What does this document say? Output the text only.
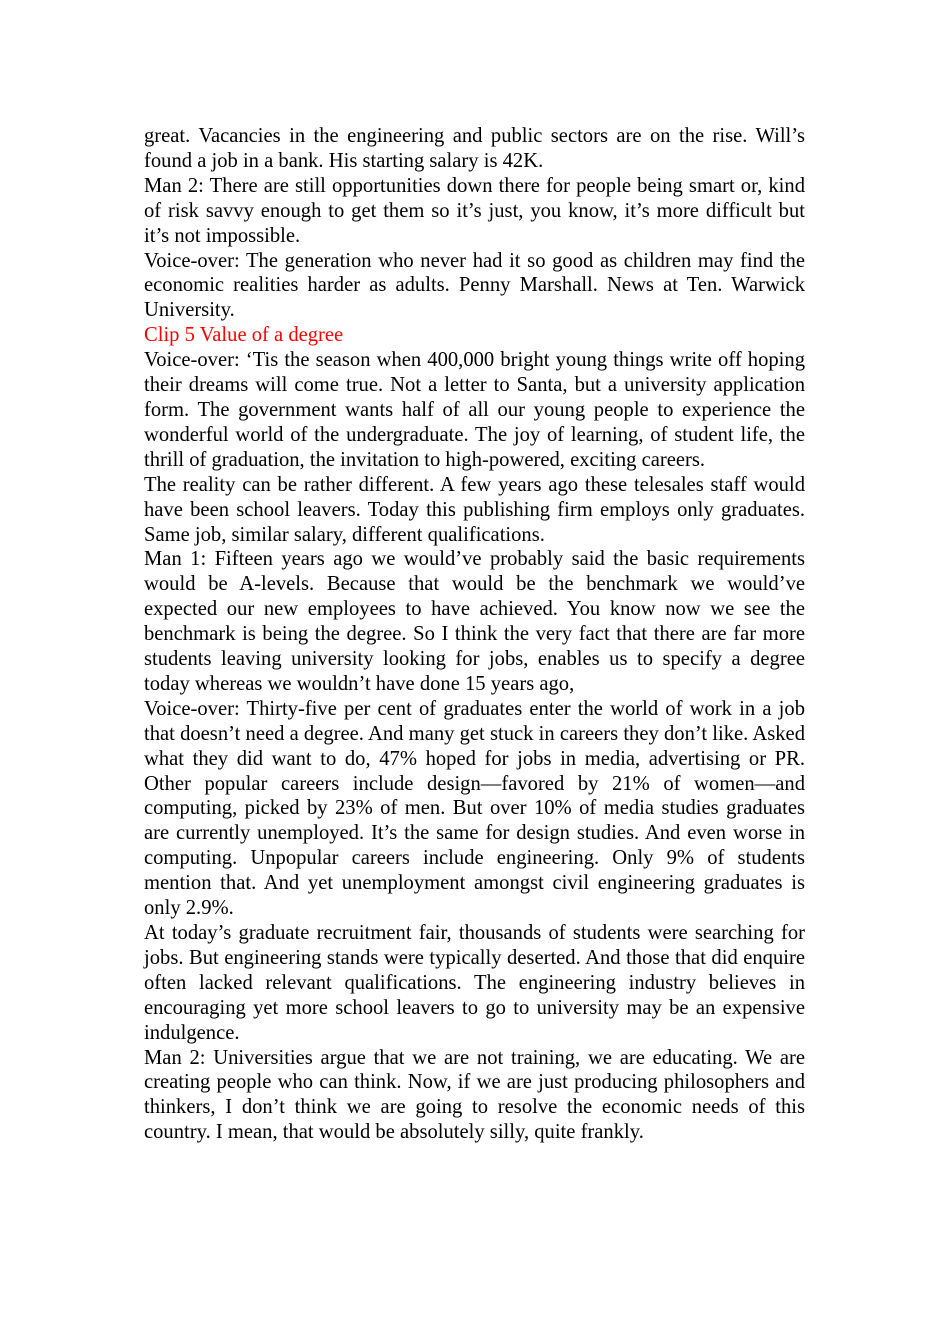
great. Vacancies in the engineering and public sectors are on the rise. Will’s found a job in a bank. His starting salary is 42K.

Man 2: There are still opportunities down there for people being smart or, kind of risk savvy enough to get them so it’s just, you know, it’s more difficult but it’s not impossible.

Voice-over: The generation who never had it so good as children may find the economic realities harder as adults. Penny Marshall. News at Ten. Warwick University.

Clip 5 Value of a degree

Voice-over: ‘Tis the season when 400,000 bright young things write off hoping their dreams will come true. Not a letter to Santa, but a university application form. The government wants half of all our young people to experience the wonderful world of the undergraduate. The joy of learning, of student life, the thrill of graduation, the invitation to high-powered, exciting careers.

The reality can be rather different. A few years ago these telesales staff would have been school leavers. Today this publishing firm employs only graduates. Same job, similar salary, different qualifications.

Man 1: Fifteen years ago we would’ve probably said the basic requirements would be A-levels. Because that would be the benchmark we would’ve expected our new employees to have achieved. You know now we see the benchmark is being the degree. So I think the very fact that there are far more students leaving university looking for jobs, enables us to specify a degree today whereas we wouldn’t have done 15 years ago,

Voice-over: Thirty-five per cent of graduates enter the world of work in a job that doesn’t need a degree. And many get stuck in careers they don’t like. Asked what they did want to do, 47% hoped for jobs in media, advertising or PR. Other popular careers include design—favored by 21% of women—and computing, picked by 23% of men. But over 10% of media studies graduates are currently unemployed. It’s the same for design studies. And even worse in computing. Unpopular careers include engineering. Only 9% of students mention that. And yet unemployment amongst civil engineering graduates is only 2.9%.

At today’s graduate recruitment fair, thousands of students were searching for jobs. But engineering stands were typically deserted. And those that did enquire often lacked relevant qualifications. The engineering industry believes in encouraging yet more school leavers to go to university may be an expensive indulgence.

Man 2: Universities argue that we are not training, we are educating. We are creating people who can think. Now, if we are just producing philosophers and thinkers, I don’t think we are going to resolve the economic needs of this country. I mean, that would be absolutely silly, quite frankly.
